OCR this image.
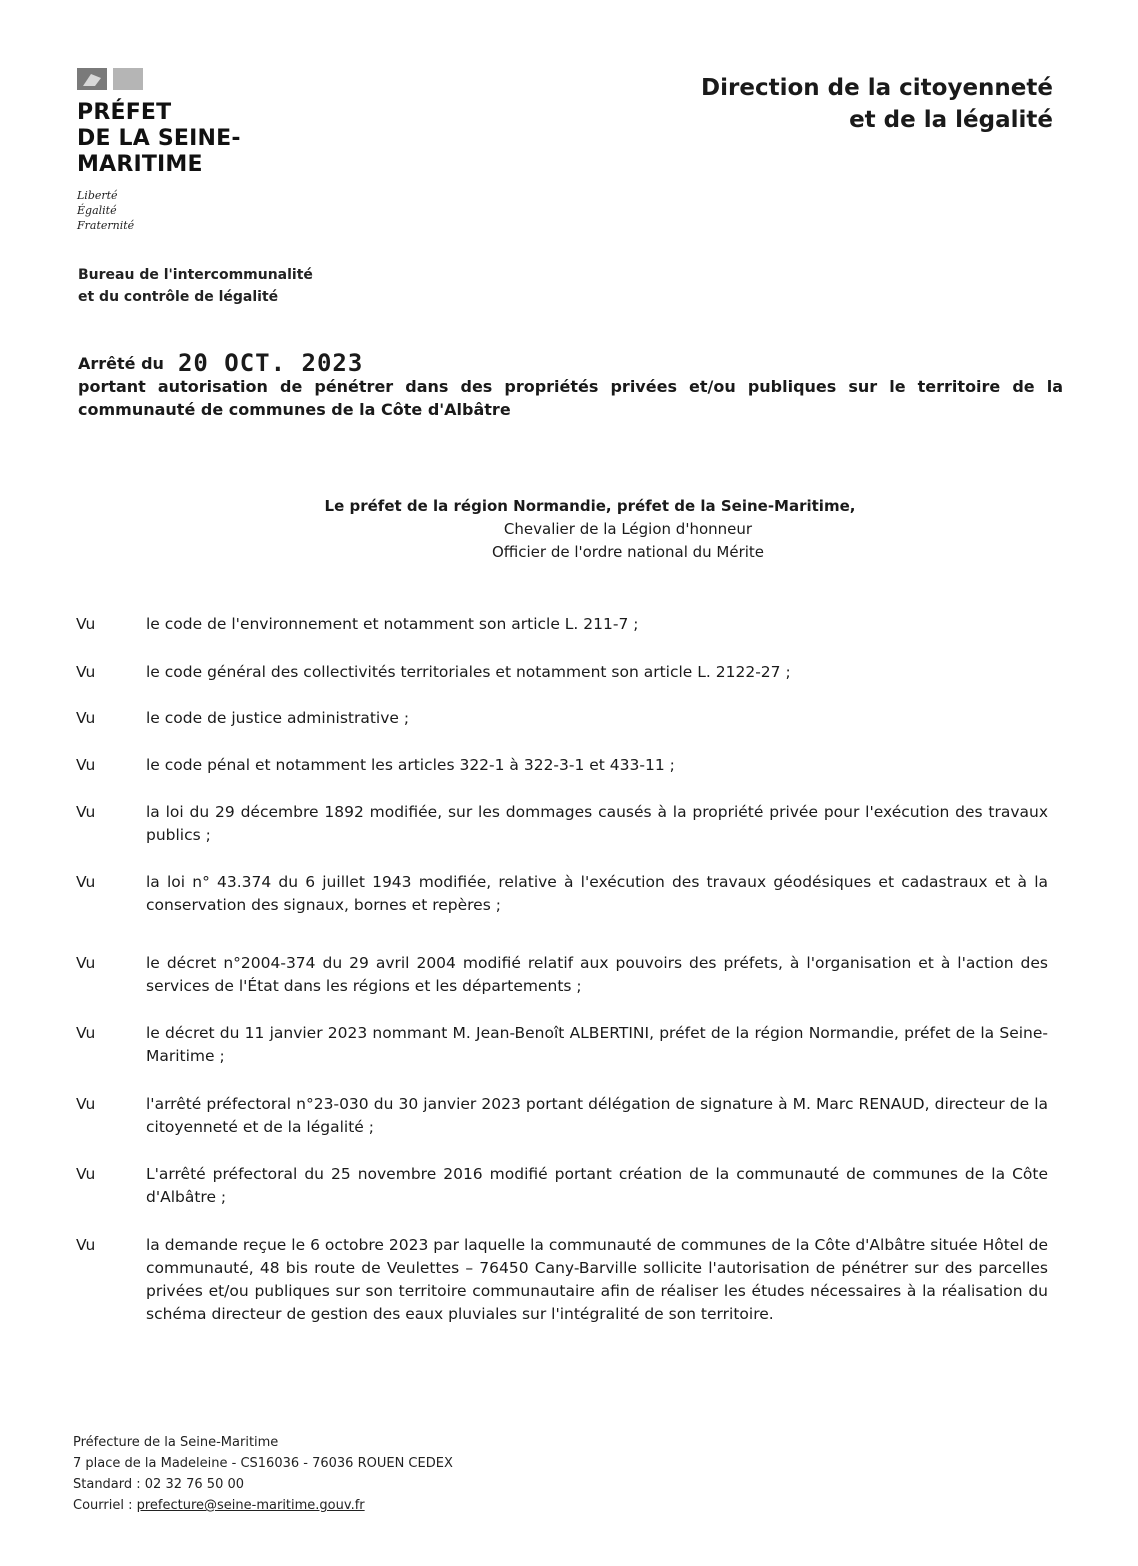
PRÉFET
DE LA SEINE-
MARITIME
Liberté
Égalité
Fraternité
Direction de la citoyenneté
et de la légalité
Bureau de l'intercommunalité
et du contrôle de légalité
Arrêté du 20 OCT. 2023
portant autorisation de pénétrer dans des propriétés privées et/ou publiques sur le territoire de la communauté de communes de la Côte d'Albâtre
Le préfet de la région Normandie, préfet de la Seine-Maritime,
Chevalier de la Légion d'honneur
Officier de l'ordre national du Mérite
Vu	le code de l'environnement et notamment son article L. 211-7 ;
Vu	le code général des collectivités territoriales et notamment son article L. 2122-27 ;
Vu	le code de justice administrative ;
Vu	le code pénal et notamment les articles 322-1 à 322-3-1 et 433-11 ;
Vu	la loi du 29 décembre 1892 modifiée, sur les dommages causés à la propriété privée pour l'exécution des travaux publics ;
Vu	la loi n° 43.374 du 6 juillet 1943 modifiée, relative à l'exécution des travaux géodésiques et cadastraux et à la conservation des signaux, bornes et repères ;
Vu	le décret n°2004-374 du 29 avril 2004 modifié relatif aux pouvoirs des préfets, à l'organisation et à l'action des services de l'État dans les régions et les départements ;
Vu	le décret du 11 janvier 2023 nommant M. Jean-Benoît ALBERTINI, préfet de la région Normandie, préfet de la Seine-Maritime ;
Vu	l'arrêté préfectoral n°23-030 du 30 janvier 2023 portant délégation de signature à M. Marc RENAUD, directeur de la citoyenneté et de la légalité ;
Vu	L'arrêté préfectoral du 25 novembre 2016 modifié portant création de la communauté de communes de la Côte d'Albâtre ;
Vu	la demande reçue le 6 octobre 2023 par laquelle la communauté de communes de la Côte d'Albâtre située Hôtel de communauté, 48 bis route de Veulettes – 76450 Cany-Barville sollicite l'autorisation de pénétrer sur des parcelles privées et/ou publiques sur son territoire communautaire afin de réaliser les études nécessaires à la réalisation du schéma directeur de gestion des eaux pluviales sur l'intégralité de son territoire.
Préfecture de la Seine-Maritime
7 place de la Madeleine - CS16036 - 76036 ROUEN CEDEX
Standard : 02 32 76 50 00
Courriel : prefecture@seine-maritime.gouv.fr
